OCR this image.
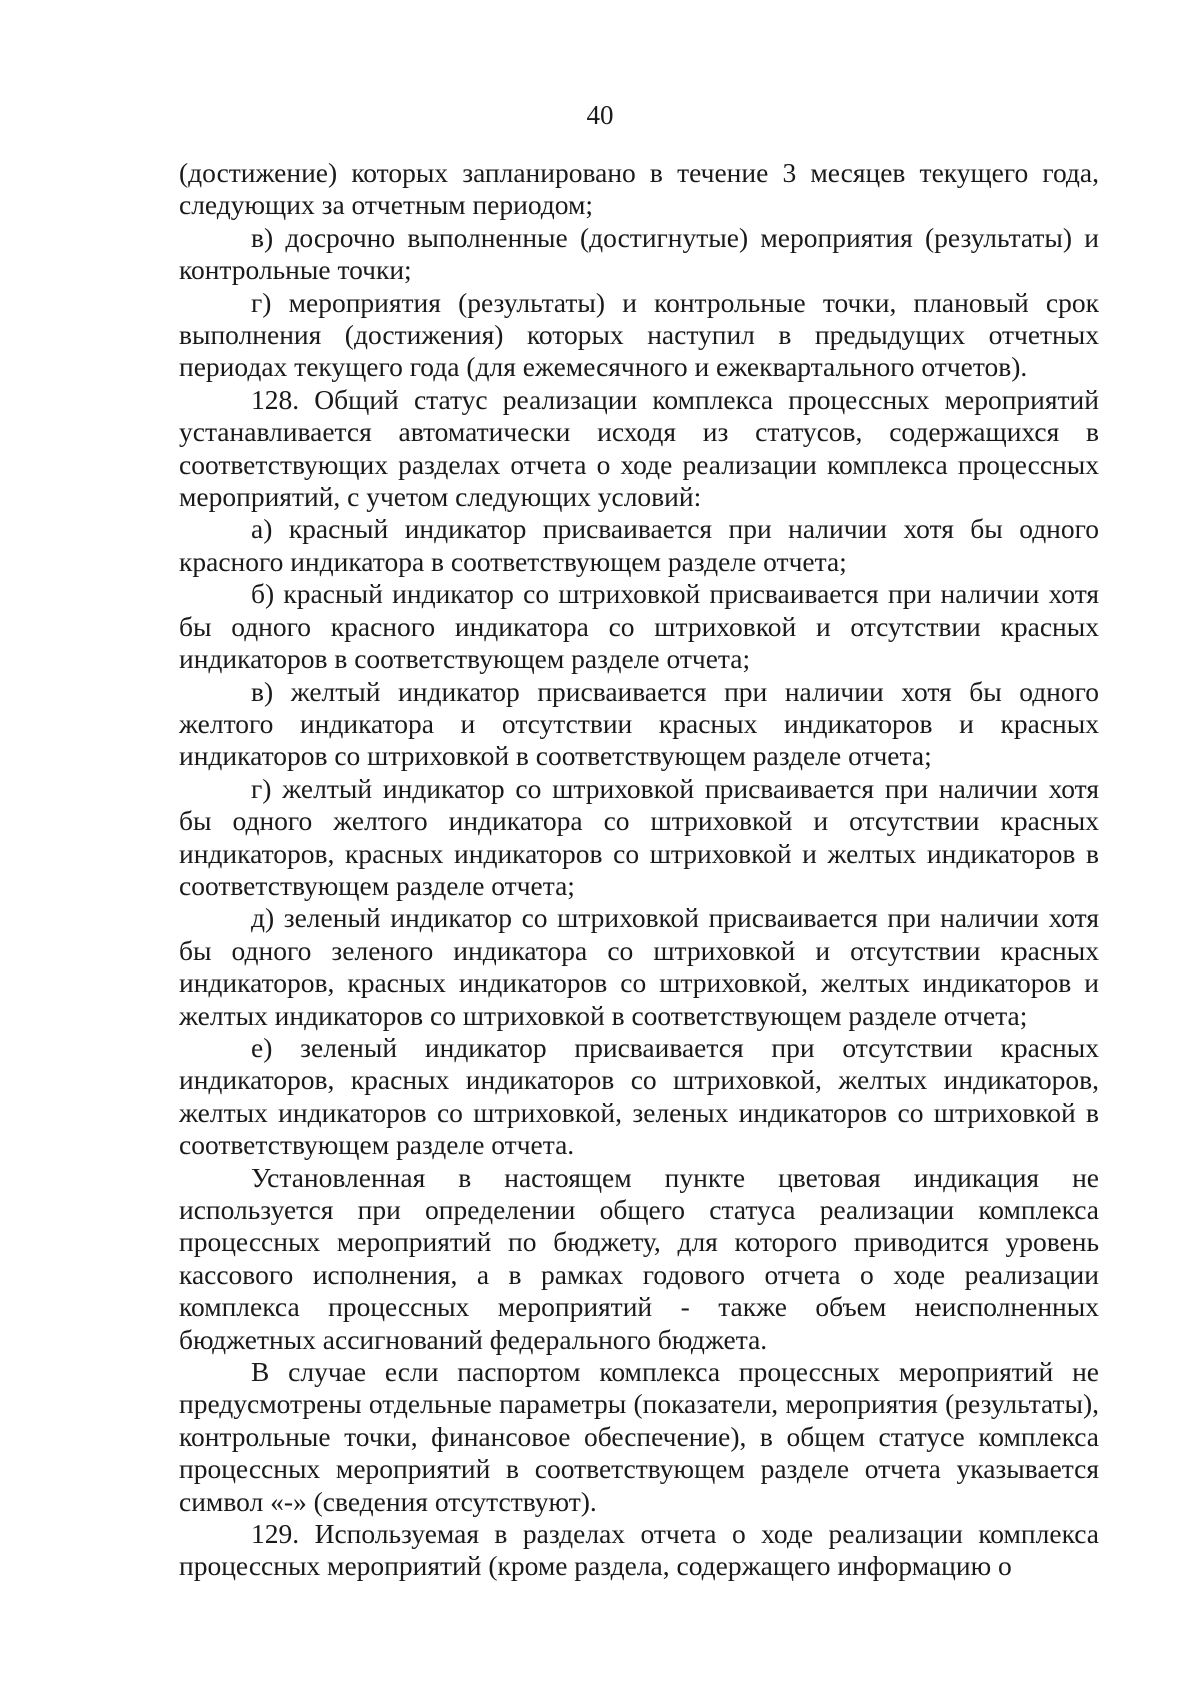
40

(достижение) которых запланировано в течение 3 месяцев текущего года, следующих за отчетным периодом;

в) досрочно выполненные (достигнутые) мероприятия (результаты) и контрольные точки;

г) мероприятия (результаты) и контрольные точки, плановый срок выполнения (достижения) которых наступил в предыдущих отчетных периодах текущего года (для ежемесячного и ежеквартального отчетов).

128. Общий статус реализации комплекса процессных мероприятий устанавливается автоматически исходя из статусов, содержащихся в соответствующих разделах отчета о ходе реализации комплекса процессных мероприятий, с учетом следующих условий:

а) красный индикатор присваивается при наличии хотя бы одного красного индикатора в соответствующем разделе отчета;

б) красный индикатор со штриховкой присваивается при наличии хотя бы одного красного индикатора со штриховкой и отсутствии красных индикаторов в соответствующем разделе отчета;

в) желтый индикатор присваивается при наличии хотя бы одного желтого индикатора и отсутствии красных индикаторов и красных индикаторов со штриховкой в соответствующем разделе отчета;

г) желтый индикатор со штриховкой присваивается при наличии хотя бы одного желтого индикатора со штриховкой и отсутствии красных индикаторов, красных индикаторов со штриховкой и желтых индикаторов в соответствующем разделе отчета;

д) зеленый индикатор со штриховкой присваивается при наличии хотя бы одного зеленого индикатора со штриховкой и отсутствии красных индикаторов, красных индикаторов со штриховкой, желтых индикаторов и желтых индикаторов со штриховкой в соответствующем разделе отчета;

е) зеленый индикатор присваивается при отсутствии красных индикаторов, красных индикаторов со штриховкой, желтых индикаторов, желтых индикаторов со штриховкой, зеленых индикаторов со штриховкой в соответствующем разделе отчета.

Установленная в настоящем пункте цветовая индикация не используется при определении общего статуса реализации комплекса процессных мероприятий по бюджету, для которого приводится уровень кассового исполнения, а в рамках годового отчета о ходе реализации комплекса процессных мероприятий - также объем неисполненных бюджетных ассигнований федерального бюджета.

В случае если паспортом комплекса процессных мероприятий не предусмотрены отдельные параметры (показатели, мероприятия (результаты), контрольные точки, финансовое обеспечение), в общем статусе комплекса процессных мероприятий в соответствующем разделе отчета указывается символ «-» (сведения отсутствуют).

129. Используемая в разделах отчета о ходе реализации комплекса процессных мероприятий (кроме раздела, содержащего информацию о
